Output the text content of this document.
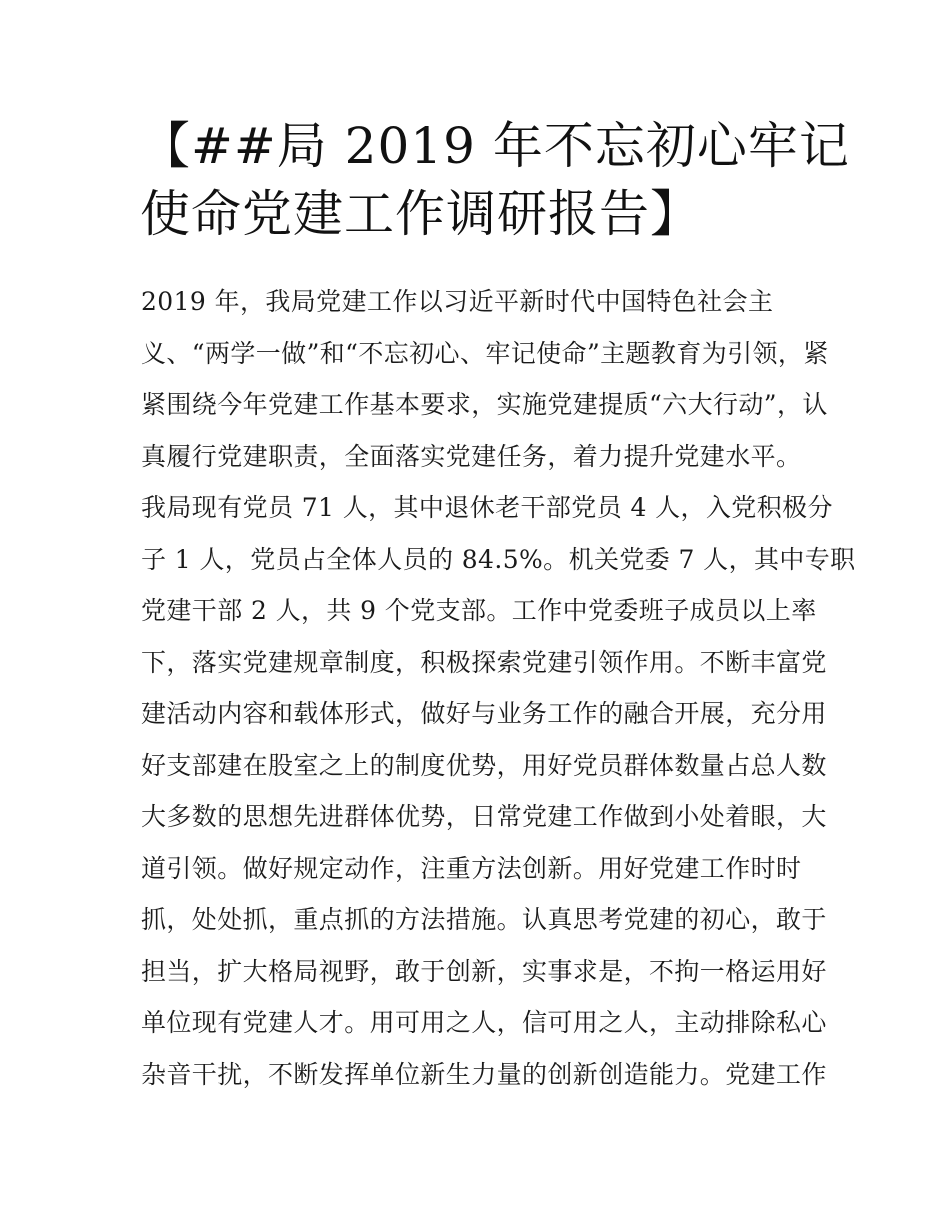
【##局 2019 年不忘初心牢记
使命党建工作调研报告】
2019 年，我局党建工作以习近平新时代中国特色社会主
义、“两学一做”和“不忘初心、牢记使命”主题教育为引领，紧
紧围绕今年党建工作基本要求，实施党建提质“六大行动”，认
真履行党建职责，全面落实党建任务，着力提升党建水平。
我局现有党员 71 人，其中退休老干部党员 4 人，入党积极分
子 1 人，党员占全体人员的 84.5%。机关党委 7 人，其中专职
党建干部 2 人，共 9 个党支部。工作中党委班子成员以上率
下，落实党建规章制度，积极探索党建引领作用。不断丰富党
建活动内容和载体形式，做好与业务工作的融合开展，充分用
好支部建在股室之上的制度优势，用好党员群体数量占总人数
大多数的思想先进群体优势，日常党建工作做到小处着眼，大
道引领。做好规定动作，注重方法创新。用好党建工作时时
抓，处处抓，重点抓的方法措施。认真思考党建的初心，敢于
担当，扩大格局视野，敢于创新，实事求是，不拘一格运用好
单位现有党建人才。用可用之人，信可用之人，主动排除私心
杂音干扰，不断发挥单位新生力量的创新创造能力。党建工作
